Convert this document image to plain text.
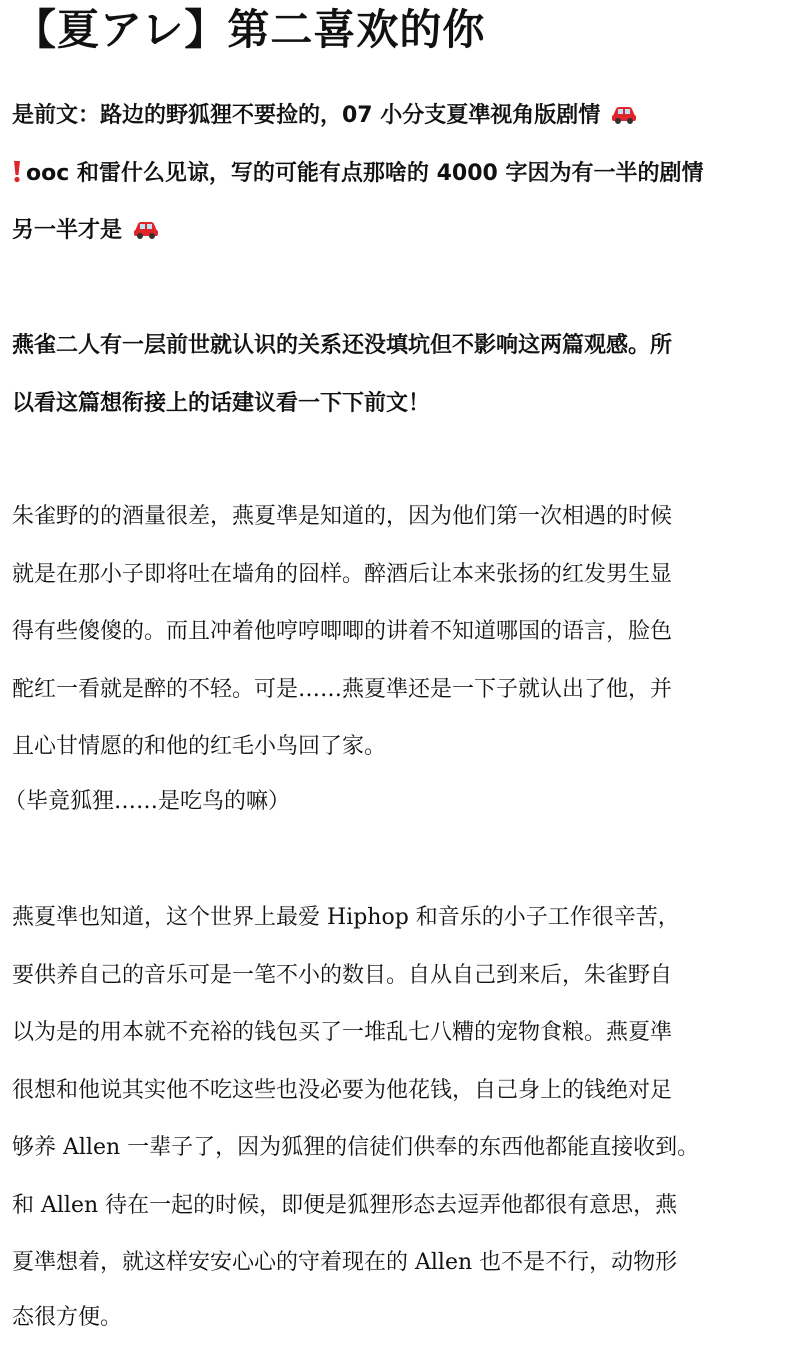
【夏アレ】第二喜欢的你
是前文：路边的野狐狸不要捡的，07 小分支夏凖视角版剧情
ooc 和雷什么见谅，写的可能有点那啥的 4000 字因为有一半的剧情
另一半才是
燕雀二人有一层前世就认识的关系还没填坑但不影响这两篇观感。所
以看这篇想衔接上的话建议看一下下前文！
朱雀野的的酒量很差，燕夏凖是知道的，因为他们第一次相遇的时候
就是在那小子即将吐在墙角的囧样。醉酒后让本来张扬的红发男生显
得有些傻傻的。而且冲着他哼哼唧唧的讲着不知道哪国的语言，脸色
酡红一看就是醉的不轻。可是……燕夏凖还是一下子就认出了他，并
且心甘情愿的和他的红毛小鸟回了家。
（毕竟狐狸……是吃鸟的嘛）
燕夏凖也知道，这个世界上最爱 Hiphop 和音乐的小子工作很辛苦，
要供养自己的音乐可是一笔不小的数目。自从自己到来后，朱雀野自
以为是的用本就不充裕的钱包买了一堆乱七八糟的宠物食粮。燕夏凖
很想和他说其实他不吃这些也没必要为他花钱，自己身上的钱绝对足
够养 Allen 一辈子了，因为狐狸的信徒们供奉的东西他都能直接收到。
和 Allen 待在一起的时候，即便是狐狸形态去逗弄他都很有意思，燕
夏凖想着，就这样安安心心的守着现在的 Allen 也不是不行，动物形
态很方便。
